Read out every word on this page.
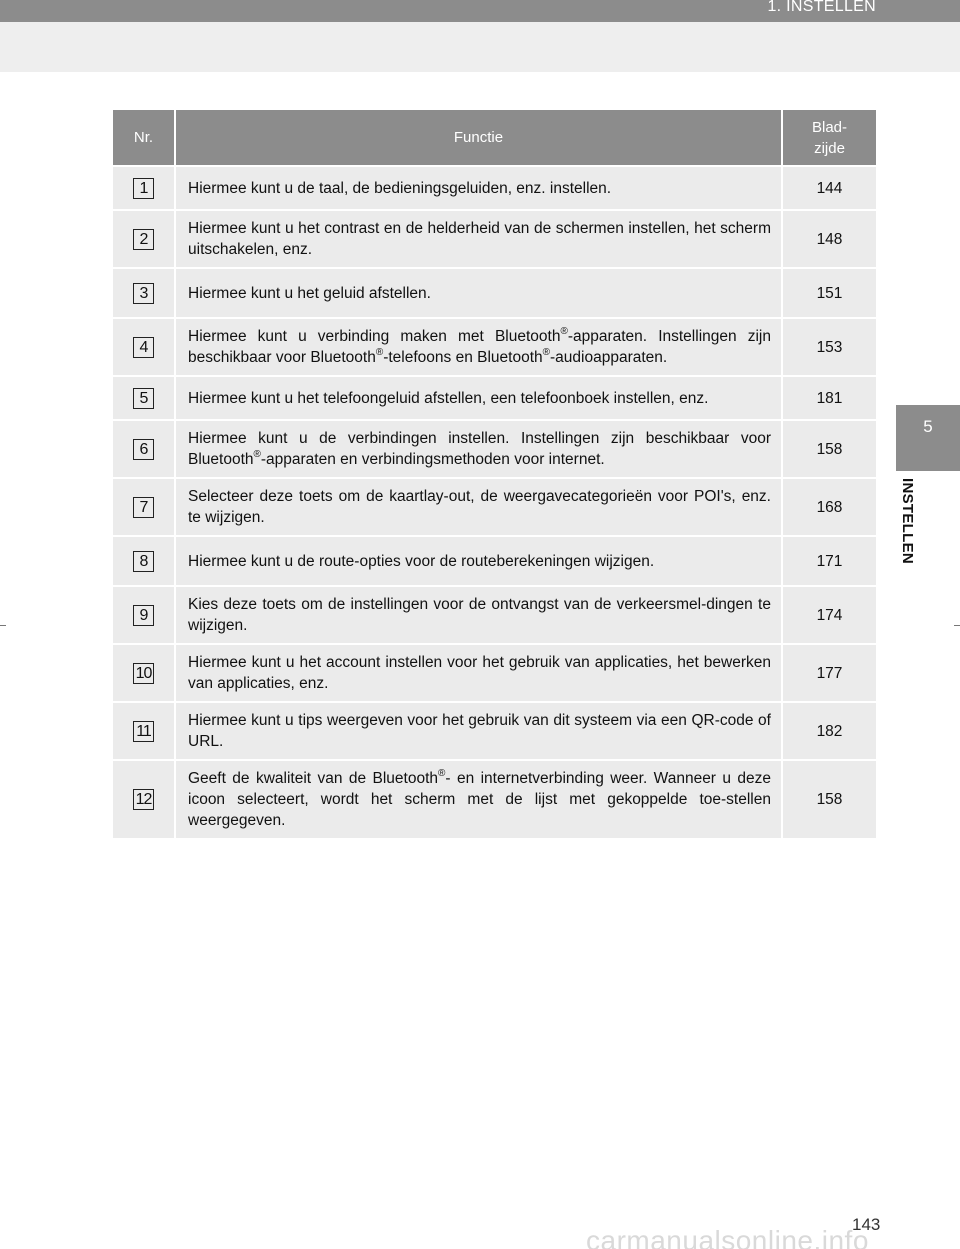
1. INSTELLEN
5
INSTELLEN
Nr.	Functie	Blad-
zijde
1	Hiermee kunt u de taal, de bedieningsgeluiden, enz. instellen.	144
2	Hiermee kunt u het contrast en de helderheid van de schermen instellen, het scherm uitschakelen, enz.	148
3	Hiermee kunt u het geluid afstellen.	151
4	Hiermee kunt u verbinding maken met Bluetooth®-apparaten. Instellingen zijn beschikbaar voor Bluetooth®-telefoons en Bluetooth®-audioapparaten.	153
5	Hiermee kunt u het telefoongeluid afstellen, een telefoonboek instellen, enz.	181
6	Hiermee kunt u de verbindingen instellen. Instellingen zijn beschikbaar voor Bluetooth®-apparaten en verbindingsmethoden voor internet.	158
7	Selecteer deze toets om de kaartlay-out, de weergavecategorieën voor POI's, enz. te wijzigen.	168
8	Hiermee kunt u de route-opties voor de routeberekeningen wijzigen.	171
9	Kies deze toets om de instellingen voor de ontvangst van de verkeersmel-dingen te wijzigen.	174
10	Hiermee kunt u het account instellen voor het gebruik van applicaties, het bewerken van applicaties, enz.	177
11	Hiermee kunt u tips weergeven voor het gebruik van dit systeem via een QR-code of URL.	182
12	Geeft de kwaliteit van de Bluetooth®- en internetverbinding weer. Wanneer u deze icoon selecteert, wordt het scherm met de lijst met gekoppelde toe-stellen weergegeven.	158
143
carmanualsonline.info
